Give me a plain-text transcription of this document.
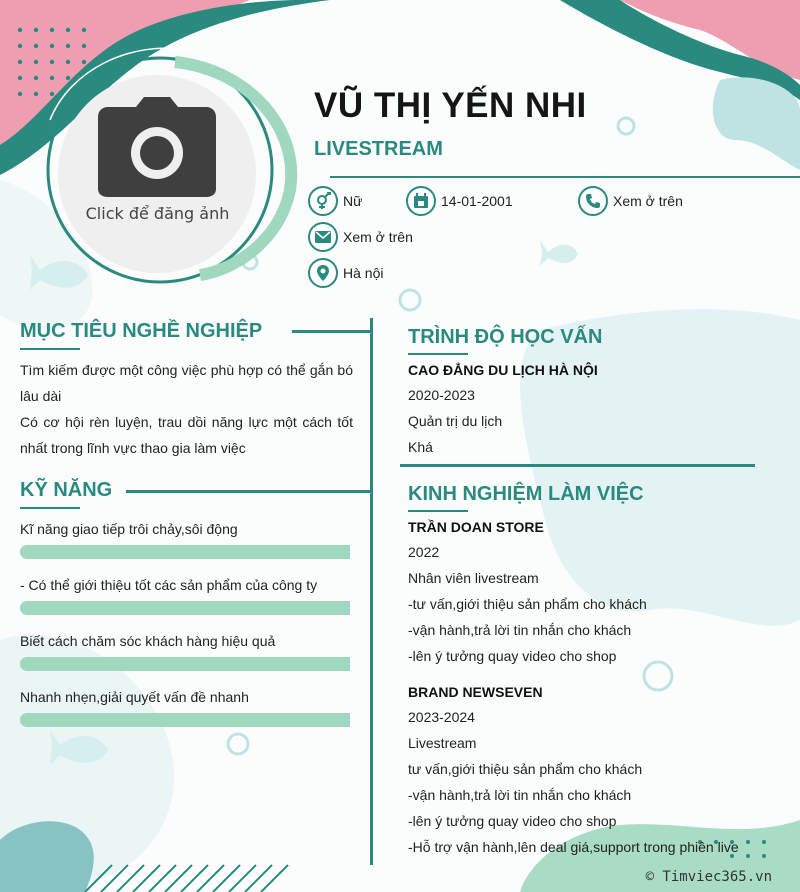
Click để đăng ảnh
VŨ THỊ YẾN NHI
LIVESTREAM
Nữ	14-01-2001	Xem ở trên
Xem ở trên
Hà nội
MỤC TIÊU NGHỀ NGHIỆP
Tìm kiếm được một công việc phù hợp có thể gắn bó lâu dài
Có cơ hội rèn luyện, trau dồi năng lực một cách tốt nhất trong lĩnh vực thao gia làm việc
KỸ NĂNG
Kĩ năng giao tiếp trôi chảy,sôi động
- Có thể giới thiệu tốt các sản phẩm của công ty
Biết cách chăm sóc khách hàng hiệu quả
Nhanh nhẹn,giải quyết vấn đề nhanh
TRÌNH ĐỘ HỌC VẤN
CAO ĐẲNG DU LỊCH HÀ NỘI
2020-2023
Quản trị du lịch
Khá
KINH NGHIỆM LÀM VIỆC
TRẦN DOAN STORE
2022
Nhân viên livestream
-tư vấn,giới thiệu sản phẩm cho khách
-vận hành,trả lời tin nhắn cho khách
-lên ý tưởng quay video cho shop
BRAND NEWSEVEN
2023-2024
Livestream
tư vấn,giới thiệu sản phẩm cho khách
-vận hành,trả lời tin nhắn cho khách
-lên ý tưởng quay video cho shop
-Hỗ trợ vận hành,lên deal giá,support trong phiên live
© Timviec365.vn
